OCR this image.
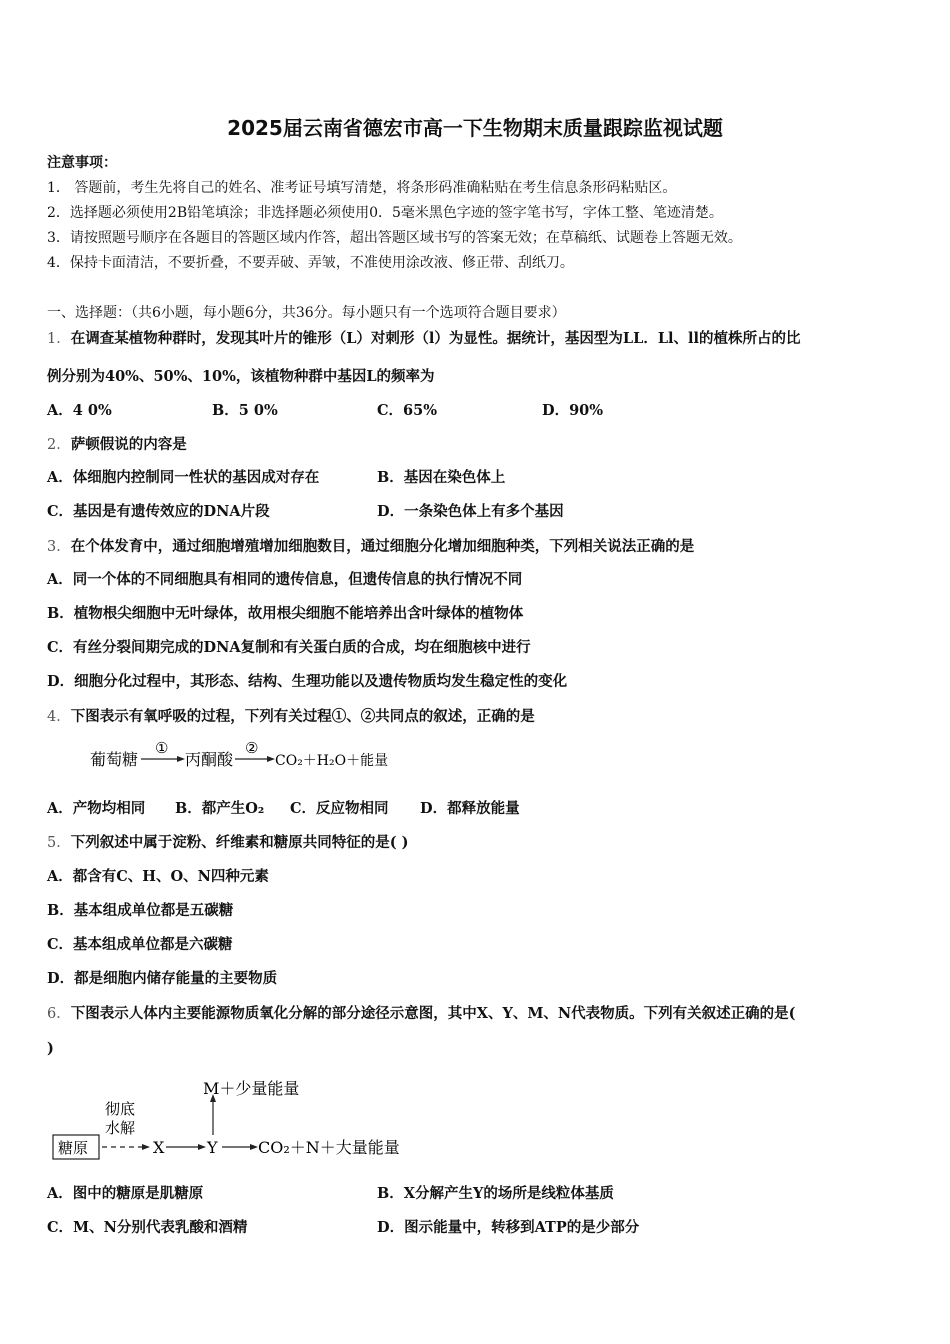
2025届云南省德宏市高一下生物期末质量跟踪监视试题
注意事项：
1． 答题前，考生先将自己的姓名、准考证号填写清楚，将条形码准确粘贴在考生信息条形码粘贴区。
2．选择题必须使用2B铅笔填涂；非选择题必须使用0．5毫米黑色字迹的签字笔书写，字体工整、笔迹清楚。
3．请按照题号顺序在各题目的答题区域内作答，超出答题区域书写的答案无效；在草稿纸、试题卷上答题无效。
4．保持卡面清洁，不要折叠，不要弄破、弄皱，不准使用涂改液、修正带、刮纸刀。
一、选择题：（共6小题，每小题6分，共36分。每小题只有一个选项符合题目要求）
1．在调查某植物种群时，发现其叶片的锥形（L）对刺形（l）为显性。据统计，基因型为LL．Ll、ll的植株所占的比
例分别为40%、50%、10%，该植物种群中基因L的频率为
A．4 0%	B．5 0%	C．65%	D．90%
2．萨顿假说的内容是
A．体细胞内控制同一性状的基因成对存在	B．基因在染色体上
C．基因是有遗传效应的DNA片段	D．一条染色体上有多个基因
3．在个体发育中，通过细胞增殖增加细胞数目，通过细胞分化增加细胞种类，下列相关说法正确的是
A．同一个体的不同细胞具有相同的遗传信息，但遗传信息的执行情况不同
B．植物根尖细胞中无叶绿体，故用根尖细胞不能培养出含叶绿体的植物体
C．有丝分裂间期完成的DNA复制和有关蛋白质的合成，均在细胞核中进行
D．细胞分化过程中，其形态、结构、生理功能以及遗传物质均发生稳定性的变化
4．下图表示有氧呼吸的过程，下列有关过程①、②共同点的叙述，正确的是
葡萄糖
①
丙酮酸
②
CO₂＋H₂O＋能量
A．产物均相同 B．都产生O₂ C．反应物相同 D．都释放能量
5．下列叙述中属于淀粉、纤维素和糖原共同特征的是( )
A．都含有C、H、O、N四种元素
B．基本组成单位都是五碳糖
C．基本组成单位都是六碳糖
D．都是细胞内储存能量的主要物质
6．下图表示人体内主要能源物质氧化分解的部分途径示意图，其中X、Y、M、N代表物质。下列有关叙述正确的是(
)
糖原
彻底
水解
X	Y
M＋少量能量
CO₂＋N＋大量能量
A．图中的糖原是肌糖原	B．X分解产生Y的场所是线粒体基质
C．M、N分别代表乳酸和酒精	D．图示能量中，转移到ATP的是少部分
